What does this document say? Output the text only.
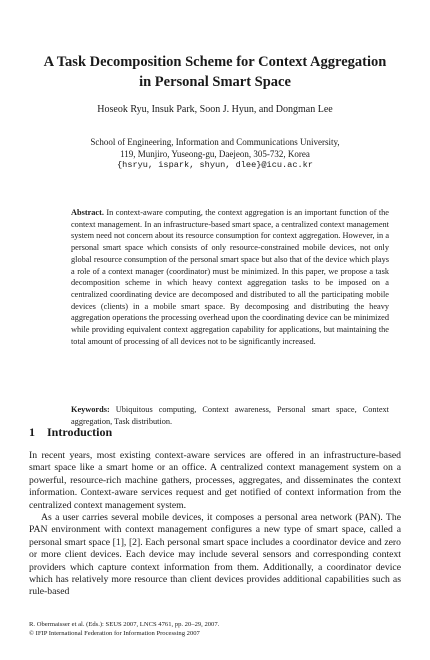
A Task Decomposition Scheme for Context Aggregation
in Personal Smart Space
Hoseok Ryu, Insuk Park, Soon J. Hyun, and Dongman Lee
School of Engineering, Information and Communications University,
119, Munjiro, Yuseong-gu, Daejeon, 305-732, Korea
{hsryu, ispark, shyun, dlee}@icu.ac.kr
Abstract. In context-aware computing, the context aggregation is an important function of the context management. In an infrastructure-based smart space, a centralized context management system need not concern about its resource consumption for context aggregation. However, in a personal smart space which consists of only resource-constrained mobile devices, not only global resource consumption of the personal smart space but also that of the device which plays a role of a context manager (coordinator) must be minimized. In this paper, we propose a task decomposition scheme in which heavy context aggregation tasks to be imposed on a centralized coordinating device are decomposed and distributed to all the participating mobile devices (clients) in a mobile smart space. By decomposing and distributing the heavy aggregation operations the processing overhead upon the coordinating device can be minimized while providing equivalent context aggregation capability for applications, but maintaining the total amount of processing of all devices not to be significantly increased.
Keywords: Ubiquitous computing, Context awareness, Personal smart space, Context aggregation, Task distribution.
1 Introduction

In recent years, most existing context-aware services are offered in an infrastructure-based smart space like a smart home or an office. A centralized context management system on a powerful, resource-rich machine gathers, processes, aggregates, and disseminates the context information. Context-aware services request and get notified of context information from the centralized context management system.

As a user carries several mobile devices, it composes a personal area network (PAN). The PAN environment with context management configures a new type of smart space, called a personal smart space [1], [2]. Each personal smart space includes a coordinator device and zero or more client devices. Each device may include several sensors and corresponding context providers which capture context information from them. Additionally, a coordinator device which has relatively more resource than client devices provides additional capabilities such as rule-based

R. Obermaisser et al. (Eds.): SEUS 2007, LNCS 4761, pp. 20–29, 2007.
© IFIP International Federation for Information Processing 2007
